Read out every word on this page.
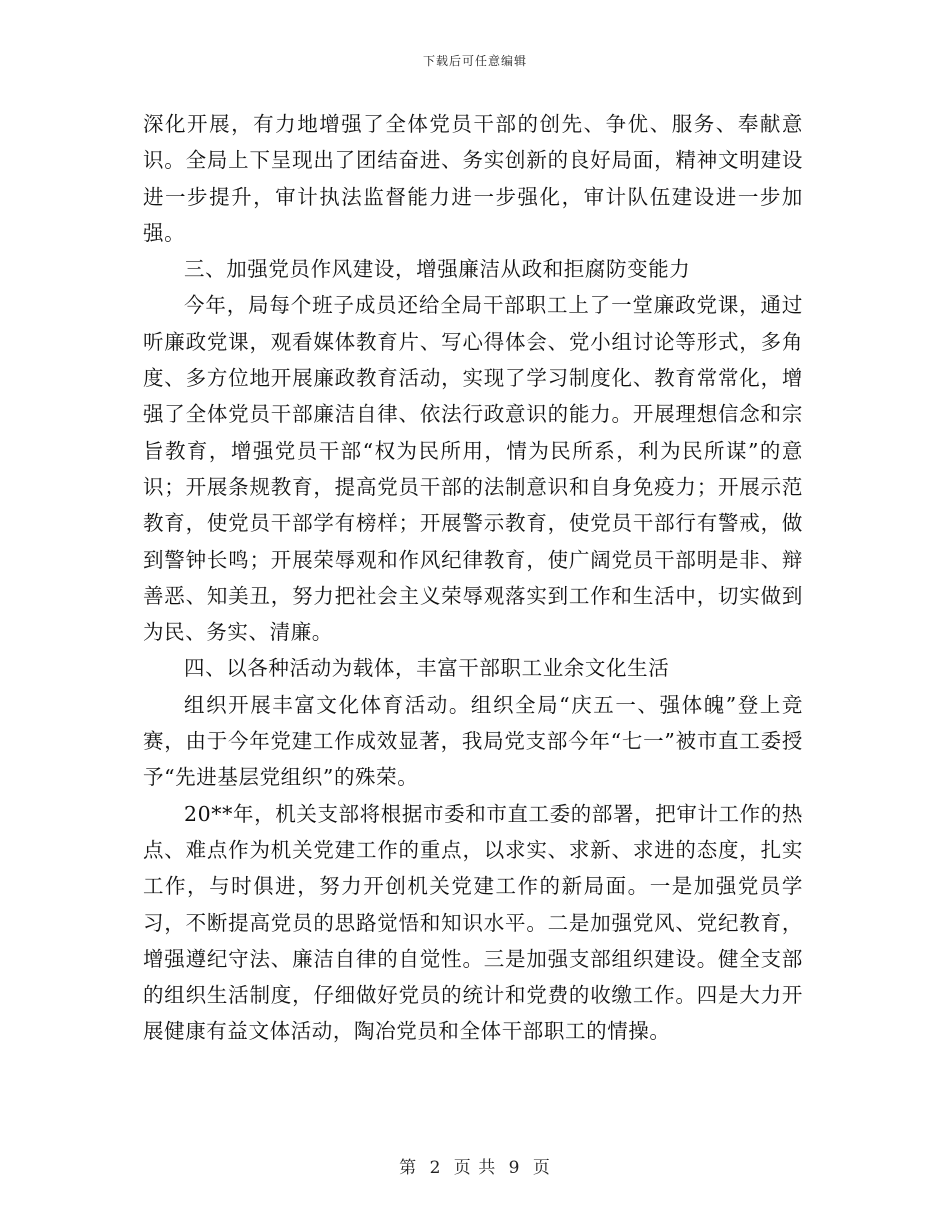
下载后可任意编辑

深化开展，有力地增强了全体党员干部的创先、争优、服务、奉献意识。全局上下呈现出了团结奋进、务实创新的良好局面，精神文明建设进一步提升，审计执法监督能力进一步强化，审计队伍建设进一步加强。

三、加强党员作风建设，增强廉洁从政和拒腐防变能力

今年，局每个班子成员还给全局干部职工上了一堂廉政党课，通过听廉政党课，观看媒体教育片、写心得体会、党小组讨论等形式，多角度、多方位地开展廉政教育活动，实现了学习制度化、教育常常化，增强了全体党员干部廉洁自律、依法行政意识的能力。开展理想信念和宗旨教育，增强党员干部“权为民所用，情为民所系，利为民所谋”的意识；开展条规教育，提高党员干部的法制意识和自身免疫力；开展示范教育，使党员干部学有榜样；开展警示教育，使党员干部行有警戒，做到警钟长鸣；开展荣辱观和作风纪律教育，使广阔党员干部明是非、辩善恶、知美丑，努力把社会主义荣辱观落实到工作和生活中，切实做到为民、务实、清廉。

四、以各种活动为载体，丰富干部职工业余文化生活

组织开展丰富文化体育活动。组织全局“庆五一、强体魄”登上竞赛，由于今年党建工作成效显著，我局党支部今年“七一”被市直工委授予“先进基层党组织”的殊荣。

20**年，机关支部将根据市委和市直工委的部署，把审计工作的热点、难点作为机关党建工作的重点，以求实、求新、求进的态度，扎实工作，与时俱进，努力开创机关党建工作的新局面。一是加强党员学习，不断提高党员的思路觉悟和知识水平。二是加强党风、党纪教育，增强遵纪守法、廉洁自律的自觉性。三是加强支部组织建设。健全支部的组织生活制度，仔细做好党员的统计和党费的收缴工作。四是大力开展健康有益文体活动，陶冶党员和全体干部职工的情操。

第 2 页 共 9 页
